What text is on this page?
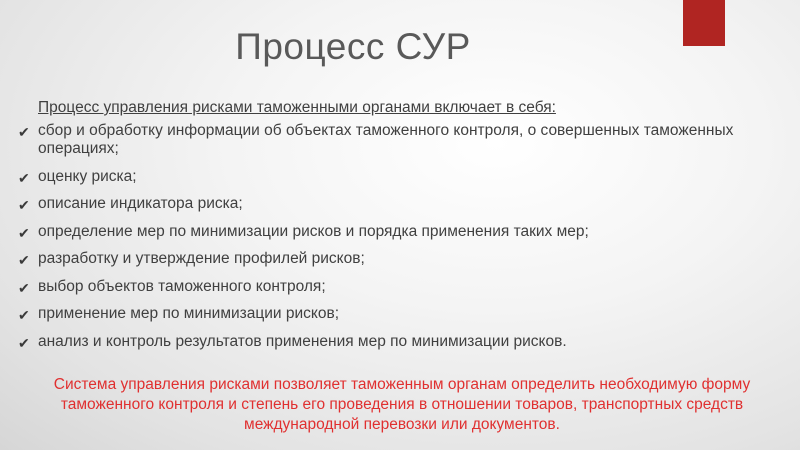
Процесс СУР
Процесс управления рисками таможенными органами включает в себя:
✔ сбор и обработку информации об объектах таможенного контроля, о совершенных таможенных операциях;
✔ оценку риска;
✔ описание индикатора риска;
✔ определение мер по минимизации рисков и порядка применения таких мер;
✔ разработку и утверждение профилей рисков;
✔ выбор объектов таможенного контроля;
✔ применение мер по минимизации рисков;
✔ анализ и контроль результатов применения мер по минимизации рисков.
Система управления рисками позволяет таможенным органам определить необходимую форму таможенного контроля и степень его проведения в отношении товаров, транспортных средств международной перевозки или документов.
